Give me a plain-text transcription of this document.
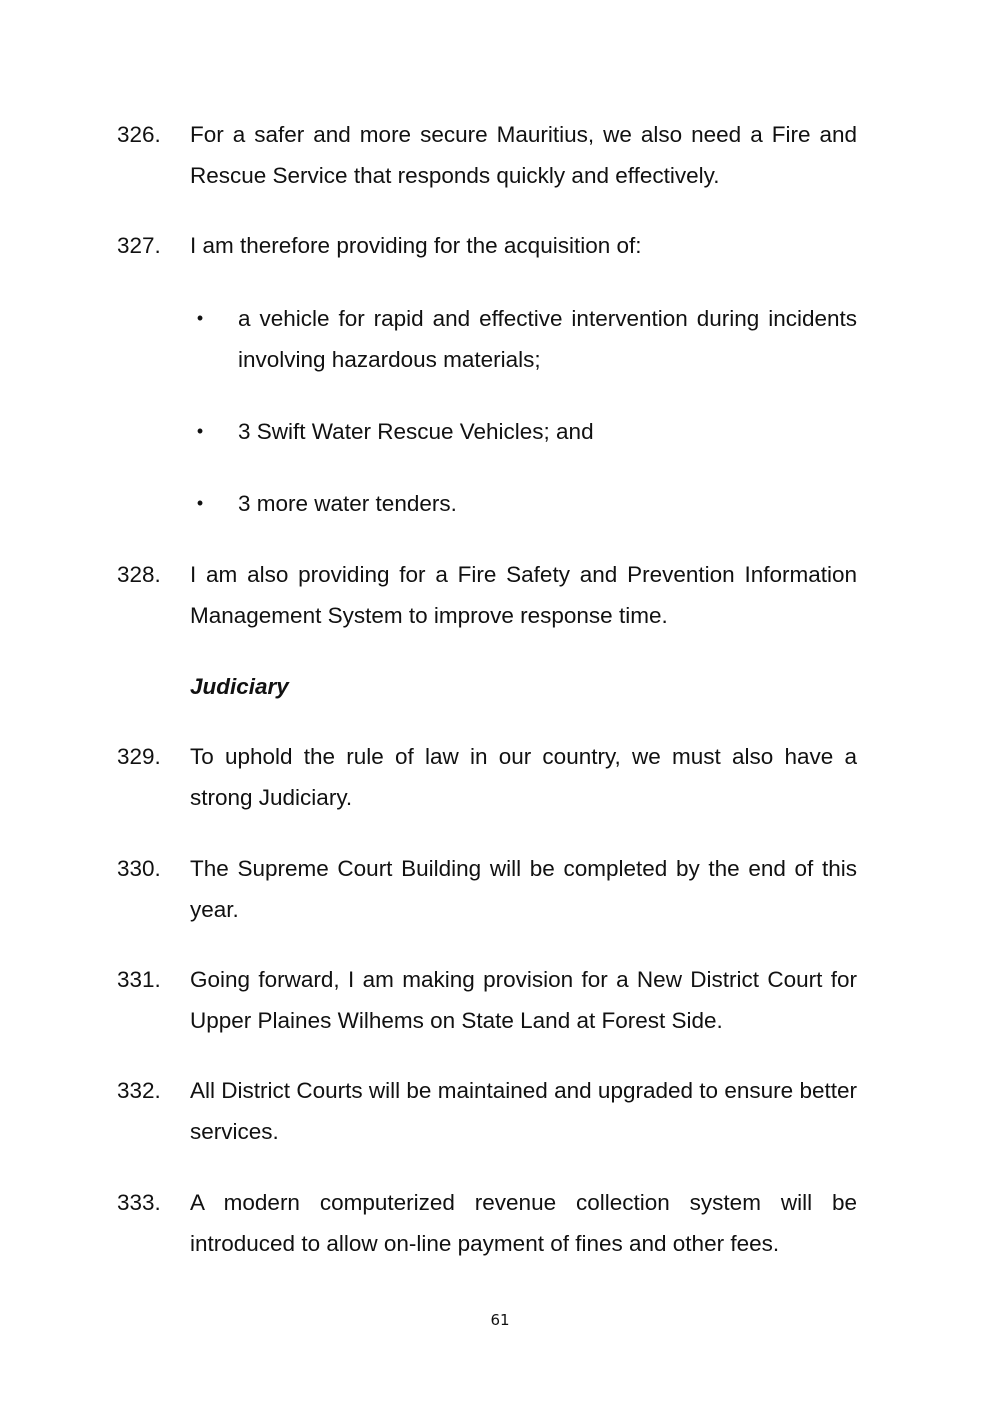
326.	For a safer and more secure Mauritius, we also need a Fire and Rescue Service that responds quickly and effectively.
327.	I am therefore providing for the acquisition of:
•	a vehicle for rapid and effective intervention during incidents involving hazardous materials;
•	3 Swift Water Rescue Vehicles; and
•	3 more water tenders.
328.	I am also providing for a Fire Safety and Prevention Information Management System to improve response time.
Judiciary
329.	To uphold the rule of law in our country, we must also have a strong Judiciary.
330.	The Supreme Court Building will be completed by the end of this year.
331.	Going forward, I am making provision for a New District Court for Upper Plaines Wilhems on State Land at Forest Side.
332.	All District Courts will be maintained and upgraded to ensure better services.
333.	A modern computerized revenue collection system will be introduced to allow on-line payment of fines and other fees.
61
